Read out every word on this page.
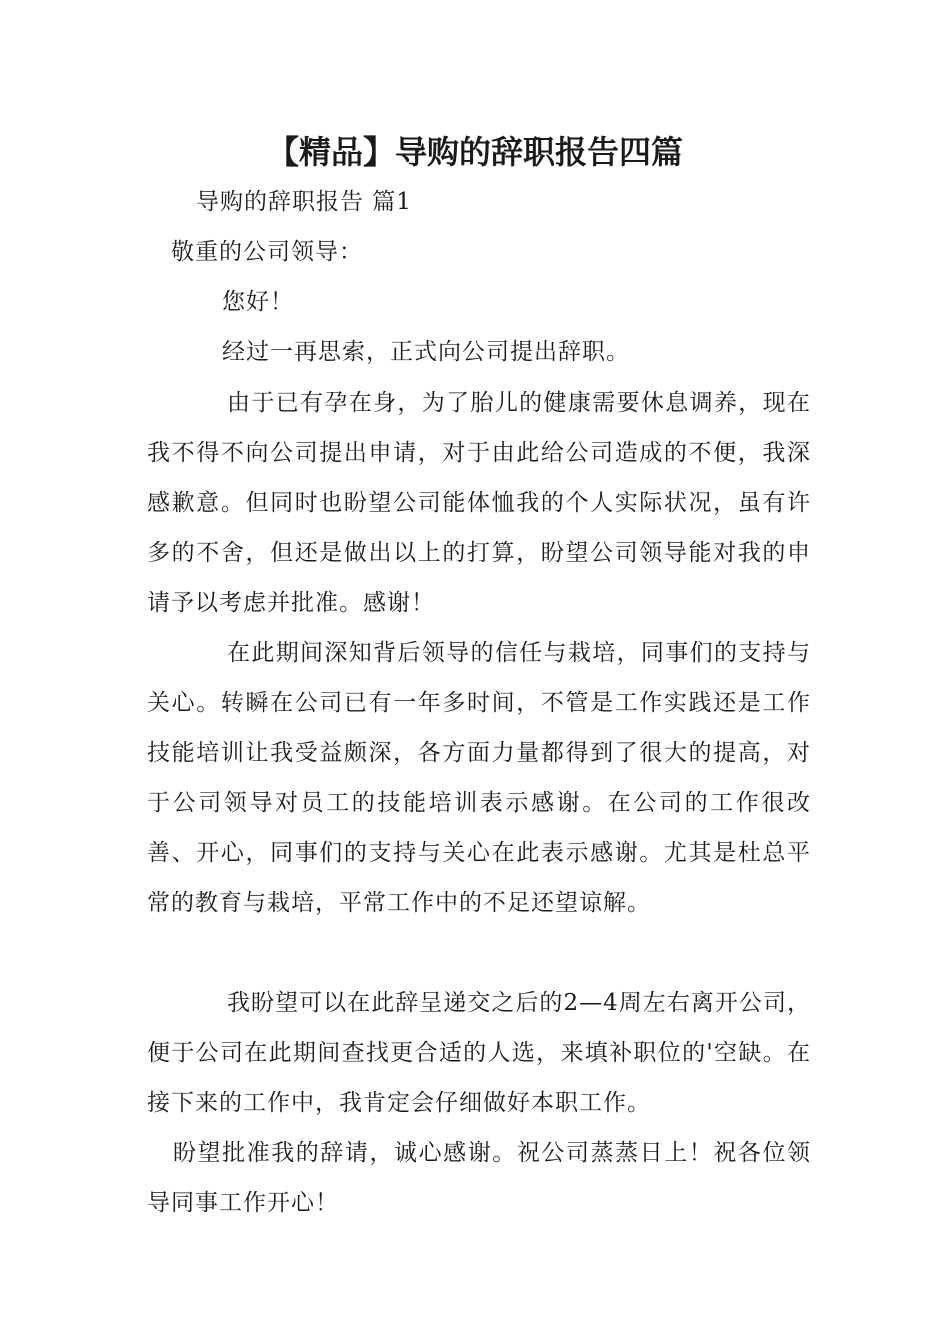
【精品】导购的辞职报告四篇

导购的辞职报告 篇1

敬重的公司领导：

您好！

经过一再思索，正式向公司提出辞职。

由于已有孕在身，为了胎儿的健康需要休息调养，现在我不得不向公司提出申请，对于由此给公司造成的不便，我深感歉意。但同时也盼望公司能体恤我的个人实际状况，虽有许多的不舍，但还是做出以上的打算，盼望公司领导能对我的申请予以考虑并批准。感谢！

在此期间深知背后领导的信任与栽培，同事们的支持与关心。转瞬在公司已有一年多时间，不管是工作实践还是工作技能培训让我受益颇深，各方面力量都得到了很大的提高，对于公司领导对员工的技能培训表示感谢。在公司的工作很改善、开心，同事们的支持与关心在此表示感谢。尤其是杜总平常的教育与栽培，平常工作中的不足还望谅解。

我盼望可以在此辞呈递交之后的2—4周左右离开公司，便于公司在此期间查找更合适的人选，来填补职位的'空缺。在接下来的工作中，我肯定会仔细做好本职工作。

盼望批准我的辞请，诚心感谢。祝公司蒸蒸日上！祝各位领导同事工作开心！
